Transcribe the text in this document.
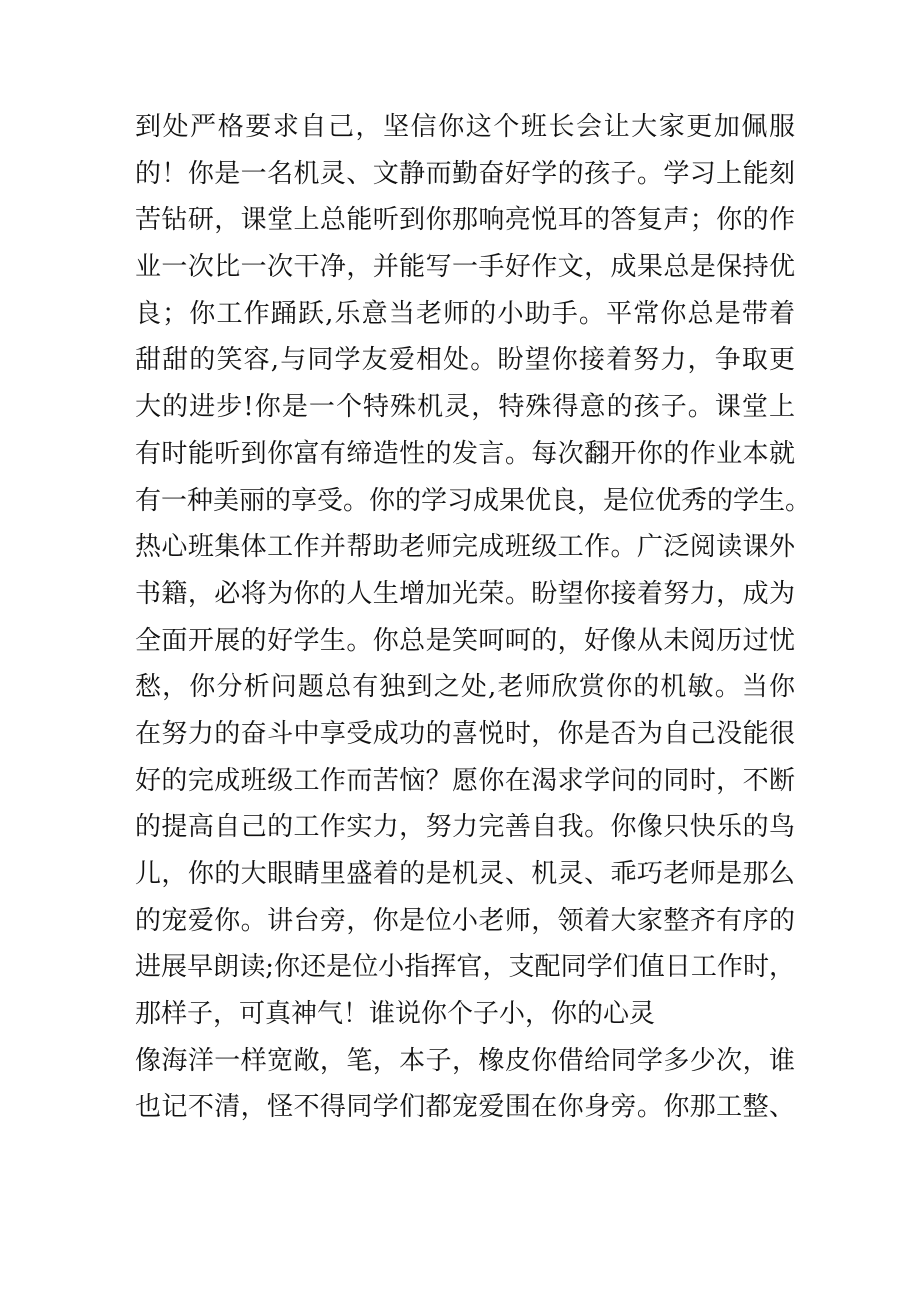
到处严格要求自己，坚信你这个班长会让大家更加佩服
的！你是一名机灵、文静而勤奋好学的孩子。学习上能刻
苦钻研，课堂上总能听到你那响亮悦耳的答复声；你的作
业一次比一次干净，并能写一手好作文，成果总是保持优
良；你工作踊跃,乐意当老师的小助手。平常你总是带着
甜甜的笑容,与同学友爱相处。盼望你接着努力，争取更
大的进步!你是一个特殊机灵，特殊得意的孩子。课堂上
有时能听到你富有缔造性的发言。每次翻开你的作业本就
有一种美丽的享受。你的学习成果优良，是位优秀的学生。
热心班集体工作并帮助老师完成班级工作。广泛阅读课外
书籍，必将为你的人生增加光荣。盼望你接着努力，成为
全面开展的好学生。你总是笑呵呵的，好像从未阅历过忧
愁，你分析问题总有独到之处,老师欣赏你的机敏。当你
在努力的奋斗中享受成功的喜悦时，你是否为自己没能很
好的完成班级工作而苦恼？愿你在渴求学问的同时，不断
的提高自己的工作实力，努力完善自我。你像只快乐的鸟
儿，你的大眼睛里盛着的是机灵、机灵、乖巧老师是那么
的宠爱你。讲台旁，你是位小老师，领着大家整齐有序的
进展早朗读;你还是位小指挥官，支配同学们值日工作时，
那样子，可真神气！谁说你个子小，你的心灵
像海洋一样宽敞，笔，本子，橡皮你借给同学多少次，谁
也记不清，怪不得同学们都宠爱围在你身旁。你那工整、
